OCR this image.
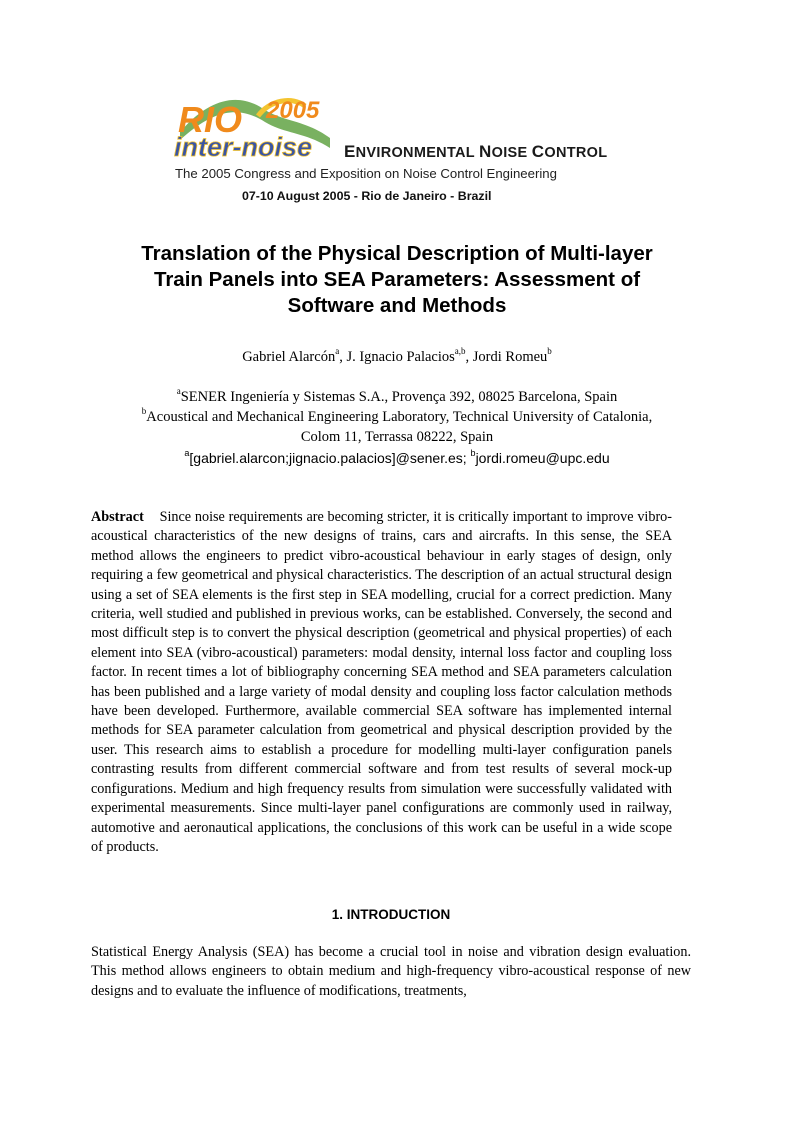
RIO 2005
inter-noise ENVIRONMENTAL NOISE CONTROL
The 2005 Congress and Exposition on Noise Control Engineering
07-10 August 2005 - Rio de Janeiro - Brazil
Translation of the Physical Description of Multi-layer
Train Panels into SEA Parameters: Assessment of
Software and Methods
Gabriel Alarcón$^a$, J. Ignacio Palacios$^{a,b}$, Jordi Romeu$^b$
$^a$SENER Ingeniería y Sistemas S.A., Provença 392, 08025 Barcelona, Spain
$^b$Acoustical and Mechanical Engineering Laboratory, Technical University of Catalonia,
Colom 11, Terrassa 08222, Spain
$^a$[gabriel.alarcon;jignacio.palacios]@sener.es; $^b$jordi.romeu@upc.edu
Abstract Since noise requirements are becoming stricter, it is critically important to improve vibro-acoustical characteristics of the new designs of trains, cars and aircrafts. In this sense, the SEA method allows the engineers to predict vibro-acoustical behaviour in early stages of design, only requiring a few geometrical and physical characteristics. The description of an actual structural design using a set of SEA elements is the first step in SEA modelling, crucial for a correct prediction. Many criteria, well studied and published in previous works, can be established. Conversely, the second and most difficult step is to convert the physical description (geometrical and physical properties) of each element into SEA (vibro-acoustical) parameters: modal density, internal loss factor and coupling loss factor. In recent times a lot of bibliography concerning SEA method and SEA parameters calculation has been published and a large variety of modal density and coupling loss factor calculation methods have been developed. Furthermore, available commercial SEA software has implemented internal methods for SEA parameter calculation from geometrical and physical description provided by the user. This research aims to establish a procedure for modelling multi-layer configuration panels contrasting results from different commercial software and from test results of several mock-up configurations. Medium and high frequency results from simulation were successfully validated with experimental measurements. Since multi-layer panel configurations are commonly used in railway, automotive and aeronautical applications, the conclusions of this work can be useful in a wide scope of products.
1. INTRODUCTION
Statistical Energy Analysis (SEA) has become a crucial tool in noise and vibration design evaluation. This method allows engineers to obtain medium and high-frequency vibro-acoustical response of new designs and to evaluate the influence of modifications, treatments,
